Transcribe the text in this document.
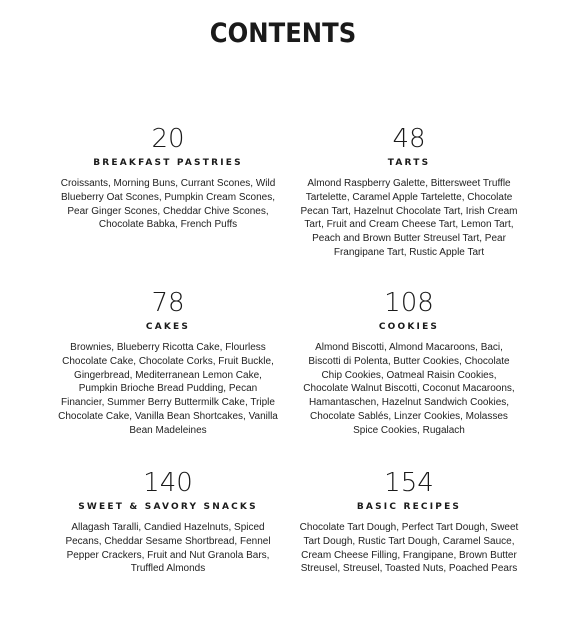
CONTENTS
20
BREAKFAST PASTRIES
Croissants, Morning Buns, Currant Scones, Wild Blueberry Oat Scones, Pumpkin Cream Scones, Pear Ginger Scones, Cheddar Chive Scones, Chocolate Babka, French Puffs
48
TARTS
Almond Raspberry Galette, Bittersweet Truffle Tartelette, Caramel Apple Tartelette, Chocolate Pecan Tart, Hazelnut Chocolate Tart, Irish Cream Tart, Fruit and Cream Cheese Tart, Lemon Tart, Peach and Brown Butter Streusel Tart, Pear Frangipane Tart, Rustic Apple Tart
78
CAKES
Brownies, Blueberry Ricotta Cake, Flourless Chocolate Cake, Chocolate Corks, Fruit Buckle, Gingerbread, Mediterranean Lemon Cake, Pumpkin Brioche Bread Pudding, Pecan Financier, Summer Berry Buttermilk Cake, Triple Chocolate Cake, Vanilla Bean Shortcakes, Vanilla Bean Madeleines
108
COOKIES
Almond Biscotti, Almond Macaroons, Baci, Biscotti di Polenta, Butter Cookies, Chocolate Chip Cookies, Oatmeal Raisin Cookies, Chocolate Walnut Biscotti, Coconut Macaroons, Hamantaschen, Hazelnut Sandwich Cookies, Chocolate Sablés, Linzer Cookies, Molasses Spice Cookies, Rugalach
140
SWEET & SAVORY SNACKS
Allagash Taralli, Candied Hazelnuts, Spiced Pecans, Cheddar Sesame Shortbread, Fennel Pepper Crackers, Fruit and Nut Granola Bars, Truffled Almonds
154
BASIC RECIPES
Chocolate Tart Dough, Perfect Tart Dough, Sweet Tart Dough, Rustic Tart Dough, Caramel Sauce, Cream Cheese Filling, Frangipane, Brown Butter Streusel, Streusel, Toasted Nuts, Poached Pears
